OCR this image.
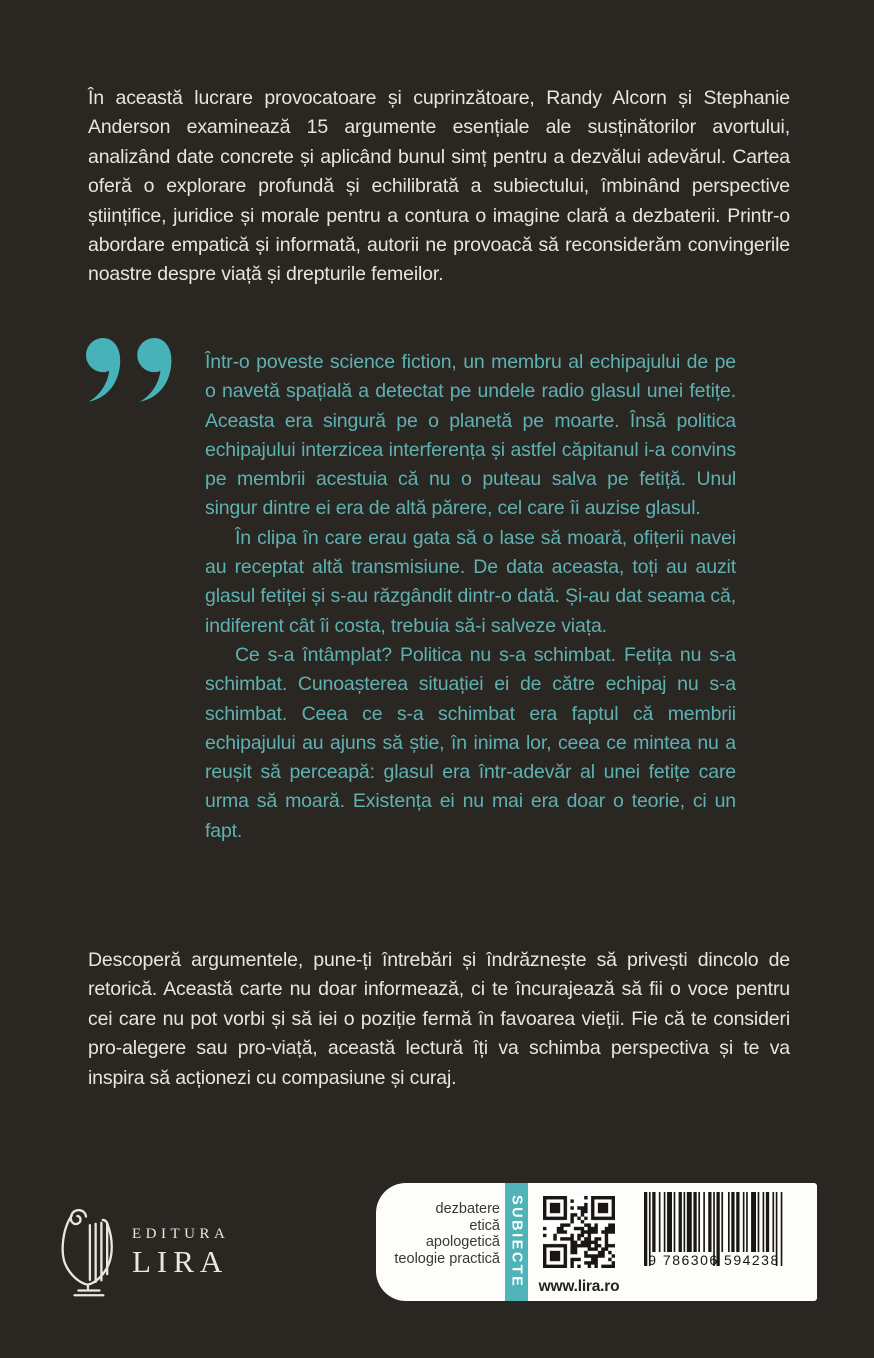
În această lucrare provocatoare și cuprinzătoare, Randy Alcorn și Stephanie Anderson examinează 15 argumente esențiale ale susținătorilor avortului, analizând date concrete și aplicând bunul simț pentru a dezvălui adevărul. Cartea oferă o explorare profundă și echilibrată a subiectului, îmbinând perspective științifice, juridice și morale pentru a contura o imagine clară a dezbaterii. Printr-o abordare empatică și informată, autorii ne provoacă să reconsiderăm convingerile noastre despre viață și drepturile femeilor.

Într-o poveste science fiction, un membru al echipajului de pe o navetă spațială a detectat pe undele radio glasul unei fetițe. Aceasta era singură pe o planetă pe moarte. Însă politica echipajului interzicea interferența și astfel căpitanul i-a convins pe membrii acestuia că nu o puteau salva pe fetiță. Unul singur dintre ei era de altă părere, cel care îi auzise glasul.

În clipa în care erau gata să o lase să moară, ofițerii navei au receptat altă transmisiune. De data aceasta, toți au auzit glasul fetiței și s-au răzgândit dintr-o dată. Și-au dat seama că, indiferent cât îi costa, trebuia să-i salveze viața.

Ce s-a întâmplat? Politica nu s-a schimbat. Fetița nu s-a schimbat. Cunoașterea situației ei de către echipaj nu s-a schimbat. Ceea ce s-a schimbat era faptul că membrii echipajului au ajuns să știe, în inima lor, ceea ce mintea nu a reușit să perceapă: glasul era într-adevăr al unei fetițe care urma să moară. Existența ei nu mai era doar o teorie, ci un fapt.

Descoperă argumentele, pune-ți întrebări și îndrăznește să privești dincolo de retorică. Această carte nu doar informează, ci te încurajează să fii o voce pentru cei care nu pot vorbi și să iei o poziție fermă în favoarea vieții. Fie că te consideri pro-alegere sau pro-viață, această lectură îți va schimba perspectiva și te va inspira să acționezi cu compasiune și curaj.

EDITURA
LIRA
dezbatere
etică
apologetică
teologie practică SUBIECTE www.lira.ro
9 786306 594238
